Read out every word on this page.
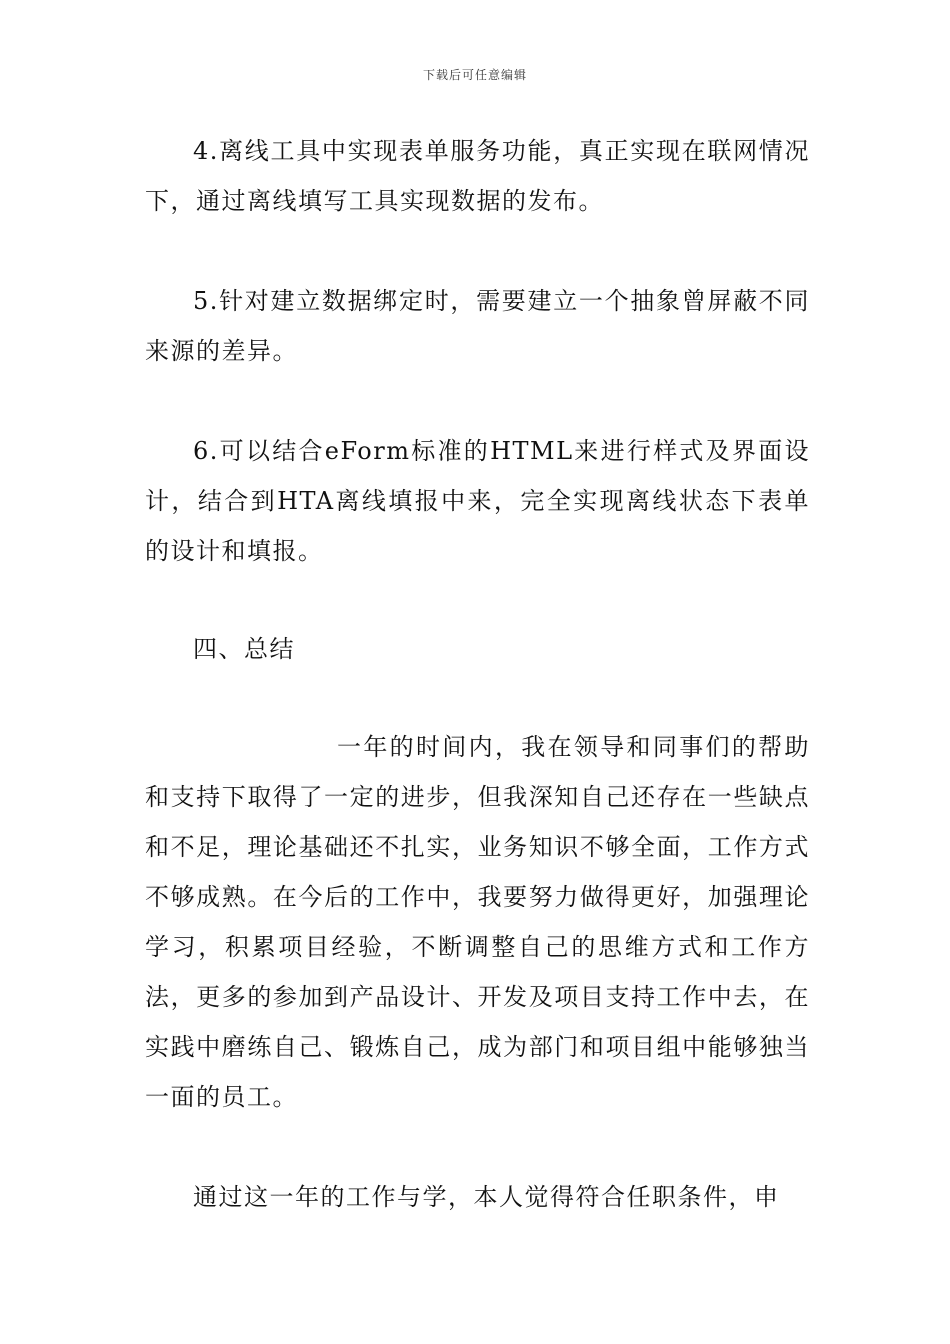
下载后可任意编辑

4.离线工具中实现表单服务功能，真正实现在联网情况下，通过离线填写工具实现数据的发布。

5.针对建立数据绑定时，需要建立一个抽象曾屏蔽不同来源的差异。

6.可以结合eForm标准的HTML来进行样式及界面设计，结合到HTA离线填报中来，完全实现离线状态下表单的设计和填报。

四、总结

一年的时间内，我在领导和同事们的帮助和支持下取得了一定的进步，但我深知自己还存在一些缺点和不足，理论基础还不扎实，业务知识不够全面，工作方式不够成熟。在今后的工作中，我要努力做得更好，加强理论学习，积累项目经验，不断调整自己的思维方式和工作方法，更多的参加到产品设计、开发及项目支持工作中去，在实践中磨练自己、锻炼自己，成为部门和项目组中能够独当一面的员工。

通过这一年的工作与学，本人觉得符合任职条件，申
